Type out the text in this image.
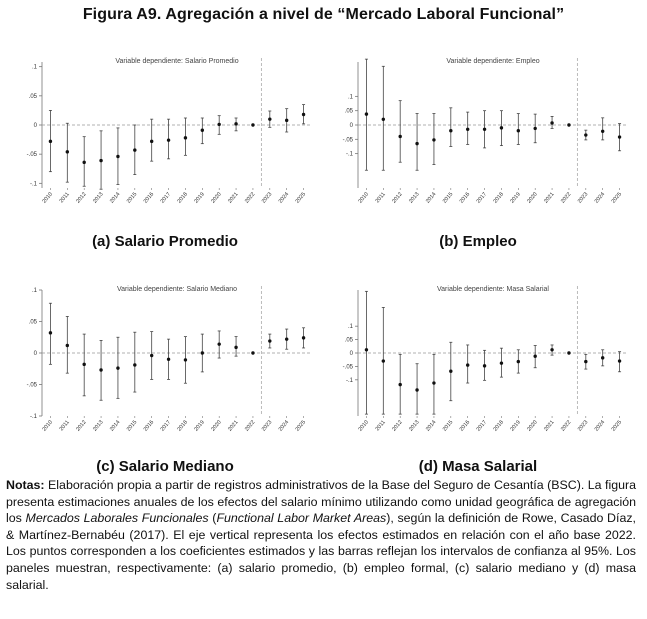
Figura A9. Agregación a nivel de “Mercado Laboral Funcional”
Variable dependiente: Salario Promedio
.1
.05
0
-.05
-.1
2010 2011 2012 2013 2014 2015 2016 2017 2018 2019 2020 2021 2022 2023 2024 2025
(a) Salario Promedio
Variable dependiente: Empleo
.1
.05
0
-.05
-.1
2010 2011 2012 2013 2014 2015 2016 2017 2018 2019 2020 2021 2022 2023 2024 2025
(b) Empleo
Variable dependiente: Salario Mediano
.1
.05
0
-.05
-.1
2010 2011 2012 2013 2014 2015 2016 2017 2018 2019 2020 2021 2022 2023 2024 2025
(c) Salario Mediano
Variable dependiente: Masa Salarial
.1
.05
0
-.05
-.1
2010 2011 2012 2013 2014 2015 2016 2017 2018 2019 2020 2021 2022 2023 2024 2025
(d) Masa Salarial
Notas: Elaboración propia a partir de registros administrativos de la Base del Seguro de Cesantía (BSC). La figura presenta estimaciones anuales de los efectos del salario mínimo utilizando como unidad geográfica de agregación los Mercados Laborales Funcionales (Functional Labor Market Areas), según la definición de Rowe, Casado Díaz, & Martínez-Bernabéu (2017). El eje vertical representa los efectos estimados en relación con el año base 2022. Los puntos corresponden a los coeficientes estimados y las barras reflejan los intervalos de confianza al 95%. Los paneles muestran, respectivamente: (a) salario promedio, (b) empleo formal, (c) salario mediano y (d) masa salarial.
